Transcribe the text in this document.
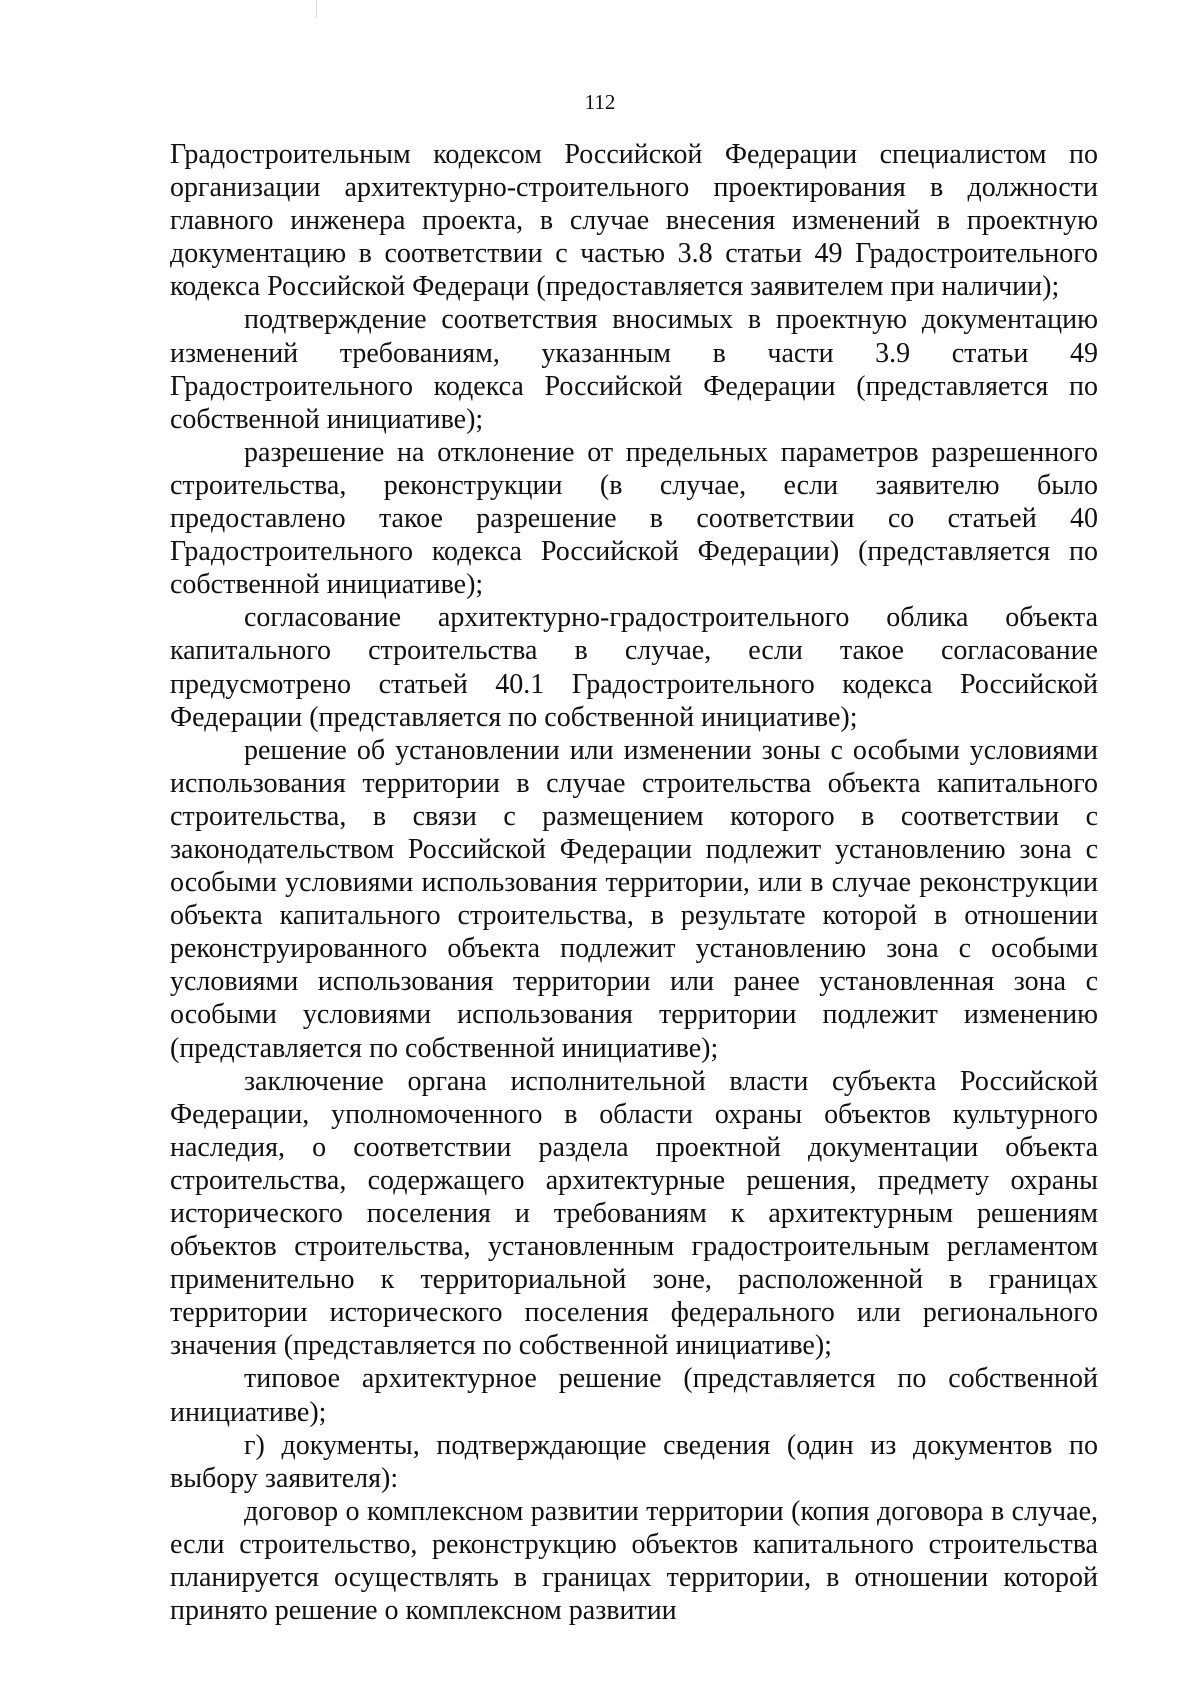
112

Градостроительным кодексом Российской Федерации специалистом по организации архитектурно-строительного проектирования в должности главного инженера проекта, в случае внесения изменений в проектную документацию в соответствии с частью 3.8 статьи 49 Градостроительного кодекса Российской Федераци (предоставляется заявителем при наличии);

подтверждение соответствия вносимых в проектную документацию изменений требованиям, указанным в части 3.9 статьи 49 Градостроительного кодекса Российской Федерации (представляется по собственной инициативе);

разрешение на отклонение от предельных параметров разрешенного строительства, реконструкции (в случае, если заявителю было предоставлено такое разрешение в соответствии со статьей 40 Градостроительного кодекса Российской Федерации) (представляется по собственной инициативе);

согласование архитектурно-градостроительного облика объекта капитального строительства в случае, если такое согласование предусмотрено статьей 40.1 Градостроительного кодекса Российской Федерации (представляется по собственной инициативе);

решение об установлении или изменении зоны с особыми условиями использования территории в случае строительства объекта капитального строительства, в связи с размещением которого в соответствии с законодательством Российской Федерации подлежит установлению зона с особыми условиями использования территории, или в случае реконструкции объекта капитального строительства, в результате которой в отношении реконструированного объекта подлежит установлению зона с особыми условиями использования территории или ранее установленная зона с особыми условиями использования территории подлежит изменению (представляется по собственной инициативе);

заключение органа исполнительной власти субъекта Российской Федерации, уполномоченного в области охраны объектов культурного наследия, о соответствии раздела проектной документации объекта строительства, содержащего архитектурные решения, предмету охраны исторического поселения и требованиям к архитектурным решениям объектов строительства, установленным градостроительным регламентом применительно к территориальной зоне, расположенной в границах территории исторического поселения федерального или регионального значения (представляется по собственной инициативе);

типовое архитектурное решение (представляется по собственной инициативе);

г) документы, подтверждающие сведения (один из документов по выбору заявителя):

договор о комплексном развитии территории (копия договора в случае, если строительство, реконструкцию объектов капитального строительства планируется осуществлять в границах территории, в отношении которой принято решение о комплексном развитии
